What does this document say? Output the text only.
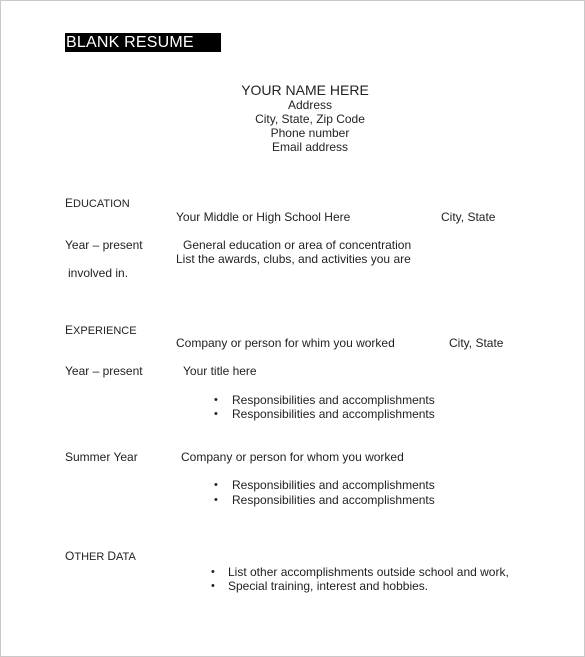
BLANK RESUME
YOUR NAME HERE
Address
City, State, Zip Code
Phone number
Email address
EDUCATION
Your Middle or High School Here	City, State
Year – present	General education or area of concentration
List the awards, clubs, and activities you are
involved in.
EXPERIENCE
Company or person for whim you worked	City, State
Year – present	Your title here
• Responsibilities and accomplishments
• Responsibilities and accomplishments
Summer Year	Company or person for whom you worked
• Responsibilities and accomplishments
• Responsibilities and accomplishments
OTHER DATA
• List other accomplishments outside school and work,
• Special training, interest and hobbies.
